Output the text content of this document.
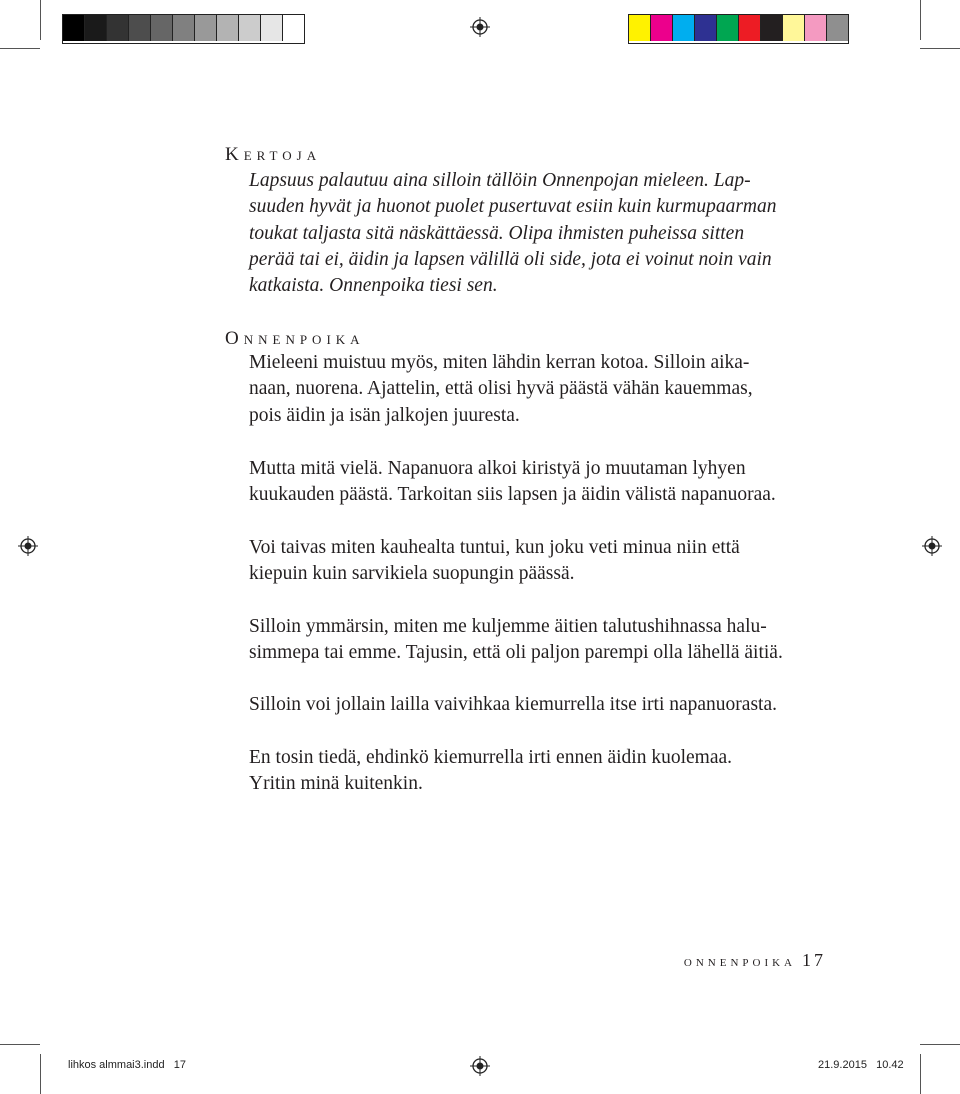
Kertoja
Lapsuus palautuu aina silloin tällöin Onnenpojan mieleen. Lap-
suuden hyvät ja huonot puolet pusertuvat esiin kuin kurmupaarman
toukat taljasta sitä näskättäessä. Olipa ihmisten puheissa sitten
perää tai ei, äidin ja lapsen välillä oli side, jota ei voinut noin vain
katkaista. Onnenpoika tiesi sen.
Onnenpoika
Mieleeni muistuu myös, miten lähdin kerran kotoa. Silloin aika-
naan, nuorena. Ajattelin, että olisi hyvä päästä vähän kauemmas,
pois äidin ja isän jalkojen juuresta.
Mutta mitä vielä. Napanuora alkoi kiristyä jo muutaman lyhyen
kuukauden päästä. Tarkoitan siis lapsen ja äidin välistä napanuoraa.
Voi taivas miten kauhealta tuntui, kun joku veti minua niin että
kiepuin kuin sarvikiela suopungin päässä.
Silloin ymmärsin, miten me kuljemme äitien talutushihnassa halu-
simmepa tai emme. Tajusin, että oli paljon parempi olla lähellä äitiä.
Silloin voi jollain lailla vaivihkaa kiemurrella itse irti napanuorasta.
En tosin tiedä, ehdinkö kiemurrella irti ennen äidin kuolemaa.
Yritin minä kuitenkin.
onnenpoika 17
lihkos almmai3.indd   17	21.9.2015   10.42
